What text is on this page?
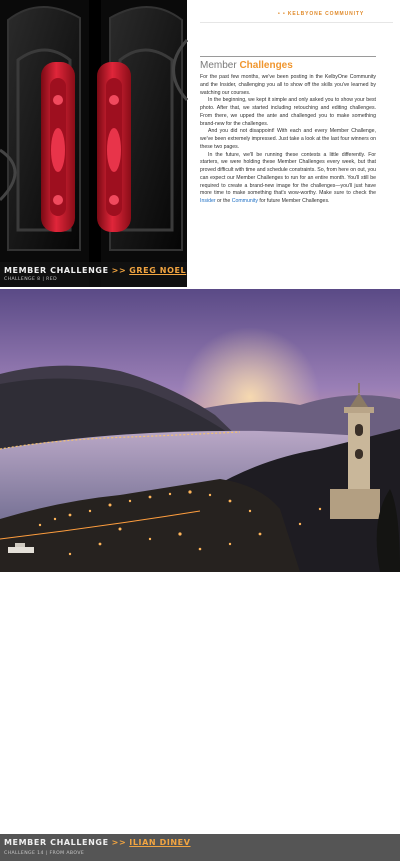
MEMBER CHALLENGE >> GREG NOEL
CHALLENGE 8 | RED
• • KELBYONE COMMUNITY
Member Challenges

For the past few months, we've been posting in the KelbyOne Community and the Insider, challenging you all to show off the skills you've learned by watching our courses.

In the beginning, we kept it simple and only asked you to show your best photo. After that, we started including retouching and editing challenges. From there, we upped the ante and challenged you to make something brand-new for the challenges.

And you did not disappoint! With each and every Member Challenge, we've been extremely impressed. Just take a look at the last four winners on these two pages.

In the future, we'll be running these contests a little differently. For starters, we were holding these Member Challenges every week, but that proved difficult with time and schedule constraints. So, from here on out, you can expect our Member Challenges to run for an entire month. You'll still be required to create a brand-new image for the challenges—you'll just have more time to make something that's wow-worthy. Make sure to check the Insider or the Community for future Member Challenges.

MEMBER CHALLENGE >> ILIAN DINEV
CHALLENGE 14 | FROM ABOVE
